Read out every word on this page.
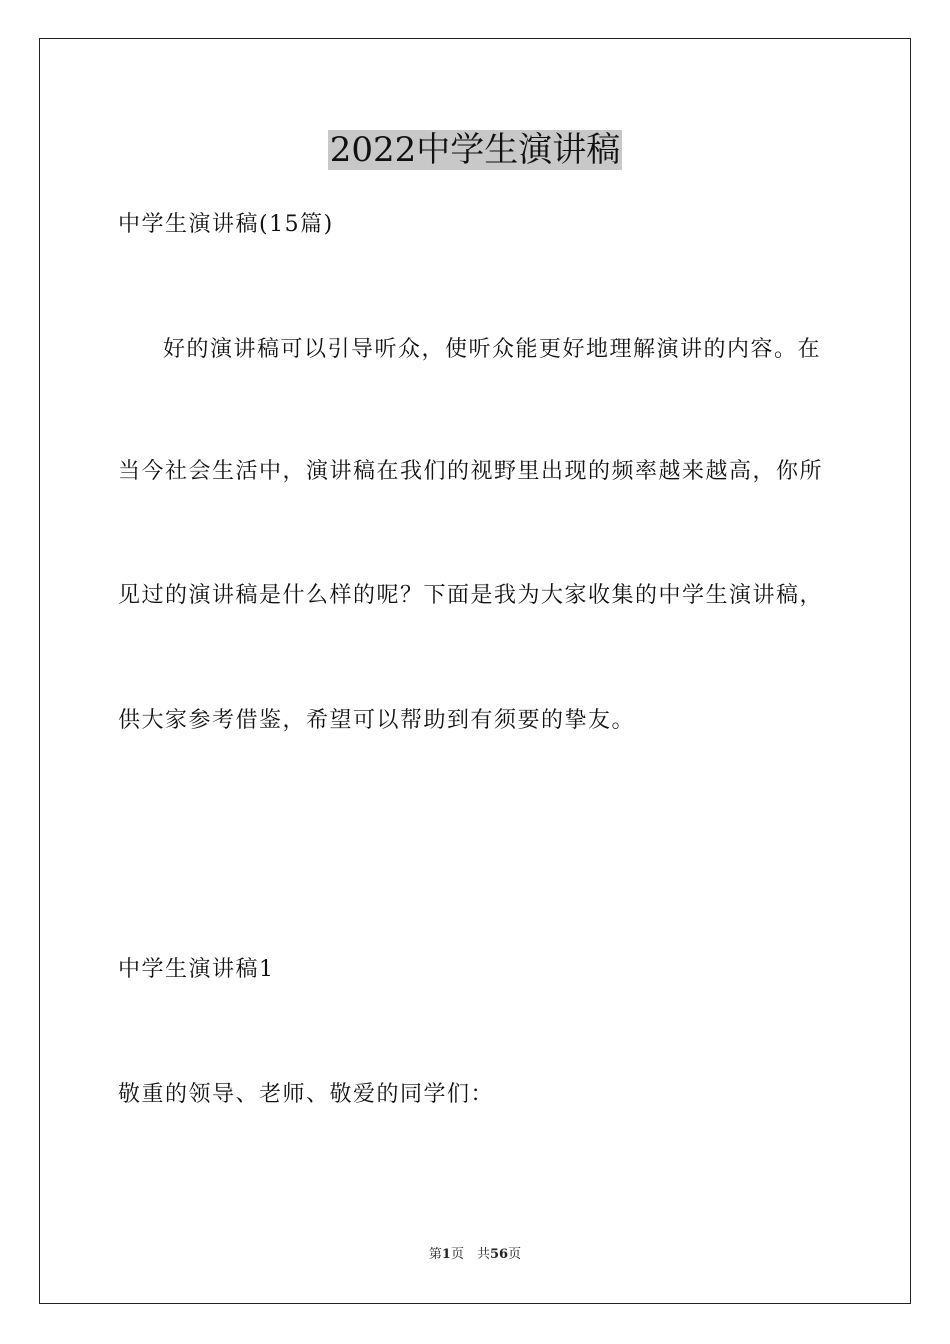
2022中学生演讲稿
中学生演讲稿(15篇)
好的演讲稿可以引导听众，使听众能更好地理解演讲的内容。在
当今社会生活中，演讲稿在我们的视野里出现的频率越来越高，你所
见过的演讲稿是什么样的呢？下面是我为大家收集的中学生演讲稿，
供大家参考借鉴，希望可以帮助到有须要的挚友。
中学生演讲稿1
敬重的领导、老师、敬爱的同学们：
第1页　共56页
